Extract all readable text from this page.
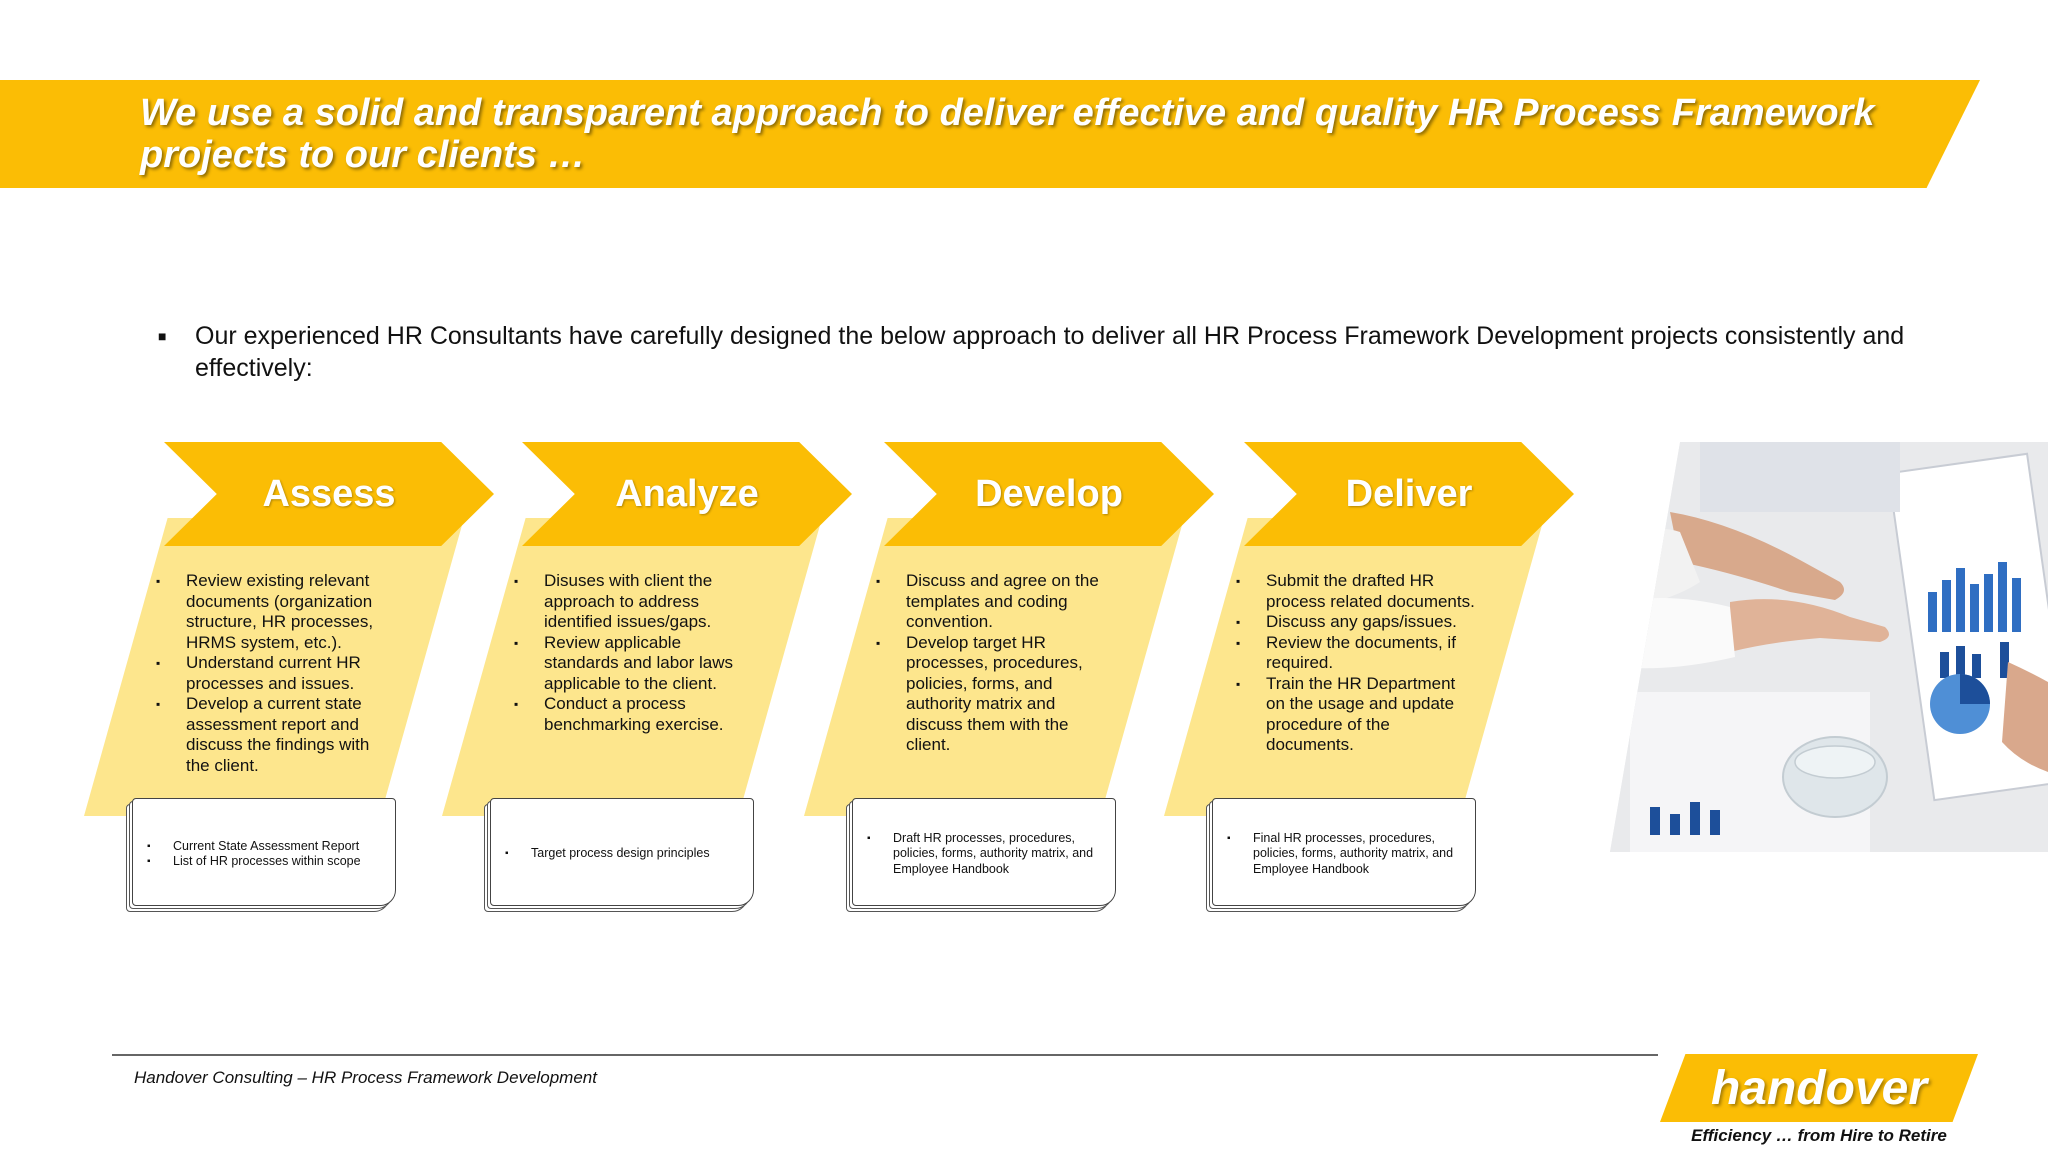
We use a solid and transparent approach to deliver effective and quality HR Process Framework projects to our clients …
■ Our experienced HR Consultants have carefully designed the below approach to deliver all HR Process Framework Development projects consistently and effectively:
Assess
▪ Review existing relevant documents (organization structure, HR processes, HRMS system, etc.).
▪ Understand current HR processes and issues.
▪ Develop a current state assessment report and discuss the findings with the client.
▪ Current State Assessment Report
▪ List of HR processes within scope
Analyze
▪ Disuses with client the approach to address identified issues/gaps.
▪ Review applicable standards and labor laws applicable to the client.
▪ Conduct a process benchmarking exercise.
▪ Target process design principles
Develop
▪ Discuss and agree on the templates and coding convention.
▪ Develop target HR processes, procedures, policies, forms, and authority matrix and discuss them with the client.
▪ Draft HR processes, procedures, policies, forms, authority matrix, and Employee Handbook
Deliver
▪ Submit the drafted HR process related documents.
▪ Discuss any gaps/issues.
▪ Review the documents, if required.
▪ Train the HR Department on the usage and update procedure of the documents.
▪ Final HR processes, procedures, policies, forms, authority matrix, and Employee Handbook
Handover Consulting – HR Process Framework Development	handover
Efficiency … from Hire to Retire
